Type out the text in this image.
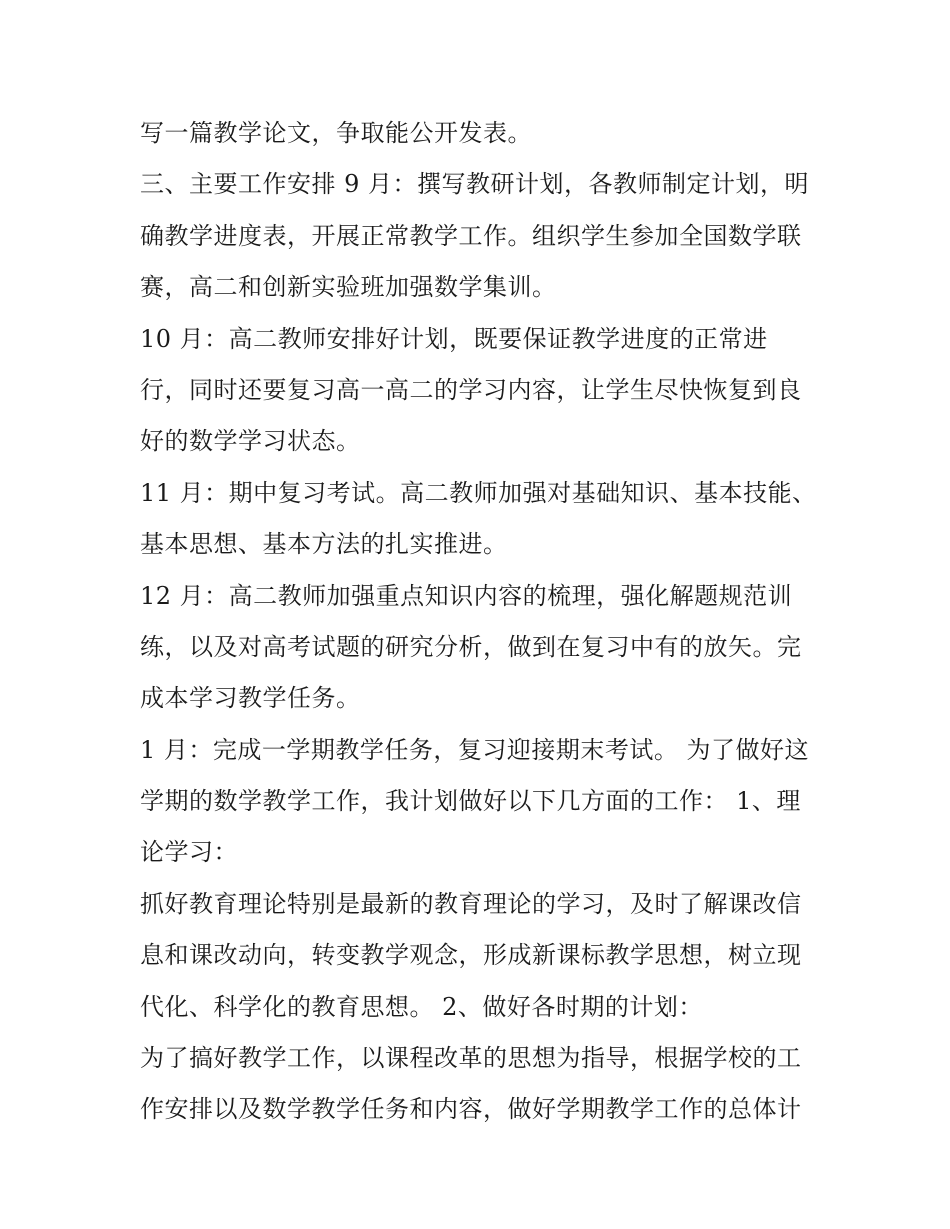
写一篇教学论文，争取能公开发表。
三、主要工作安排 9 月：撰写教研计划，各教师制定计划，明
确教学进度表，开展正常教学工作。组织学生参加全国数学联
赛，高二和创新实验班加强数学集训。
10 月：高二教师安排好计划，既要保证教学进度的正常进
行，同时还要复习高一高二的学习内容，让学生尽快恢复到良
好的数学学习状态。
11 月：期中复习考试。高二教师加强对基础知识、基本技能、
基本思想、基本方法的扎实推进。
12 月：高二教师加强重点知识内容的梳理，强化解题规范训
练，以及对高考试题的研究分析，做到在复习中有的放矢。完
成本学习教学任务。
1 月：完成一学期教学任务，复习迎接期末考试。 为了做好这
学期的数学教学工作，我计划做好以下几方面的工作： 1、理
论学习：
抓好教育理论特别是最新的教育理论的学习，及时了解课改信
息和课改动向，转变教学观念，形成新课标教学思想，树立现
代化、科学化的教育思想。 2、做好各时期的计划：
为了搞好教学工作，以课程改革的思想为指导，根据学校的工
作安排以及数学教学任务和内容，做好学期教学工作的总体计
